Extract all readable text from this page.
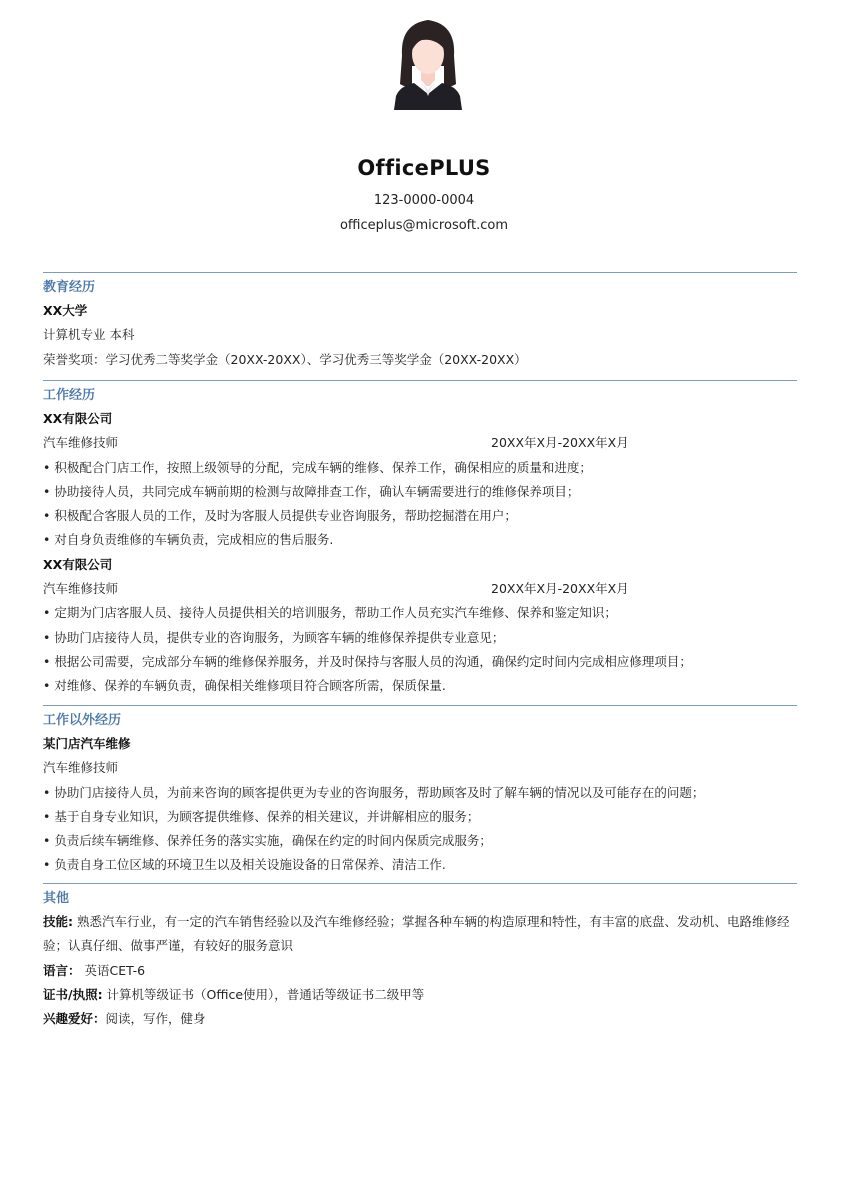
OfficePLUS
123-0000-0004
officeplus@microsoft.com
教育经历
XX大学
计算机专业 本科
荣誉奖项：学习优秀二等奖学金（20XX-20XX）、学习优秀三等奖学金（20XX-20XX）
工作经历
XX有限公司
汽车维修技师	20XX年X月-20XX年X月
• 积极配合门店工作，按照上级领导的分配，完成车辆的维修、保养工作，确保相应的质量和进度；
• 协助接待人员，共同完成车辆前期的检测与故障排查工作，确认车辆需要进行的维修保养项目；
• 积极配合客服人员的工作，及时为客服人员提供专业咨询服务，帮助挖掘潜在用户；
• 对自身负责维修的车辆负责，完成相应的售后服务.
XX有限公司
汽车维修技师	20XX年X月-20XX年X月
• 定期为门店客服人员、接待人员提供相关的培训服务，帮助工作人员充实汽车维修、保养和鉴定知识；
• 协助门店接待人员，提供专业的咨询服务，为顾客车辆的维修保养提供专业意见；
• 根据公司需要，完成部分车辆的维修保养服务，并及时保持与客服人员的沟通，确保约定时间内完成相应修理项目；
• 对维修、保养的车辆负责，确保相关维修项目符合顾客所需，保质保量.
工作以外经历
某门店汽车维修
汽车维修技师
• 协助门店接待人员，为前来咨询的顾客提供更为专业的咨询服务，帮助顾客及时了解车辆的情况以及可能存在的问题；
• 基于自身专业知识，为顾客提供维修、保养的相关建议，并讲解相应的服务；
• 负责后续车辆维修、保养任务的落实实施，确保在约定的时间内保质完成服务；
• 负责自身工位区域的环境卫生以及相关设施设备的日常保养、清洁工作.
其他
技能: 熟悉汽车行业，有一定的汽车销售经验以及汽车维修经验；掌握各种车辆的构造原理和特性，有丰富的底盘、发动机、电路维修经验；认真仔细、做事严谨，有较好的服务意识
语言： 英语CET-6
证书/执照: 计算机等级证书（Office使用），普通话等级证书二级甲等
兴趣爱好：阅读，写作，健身
